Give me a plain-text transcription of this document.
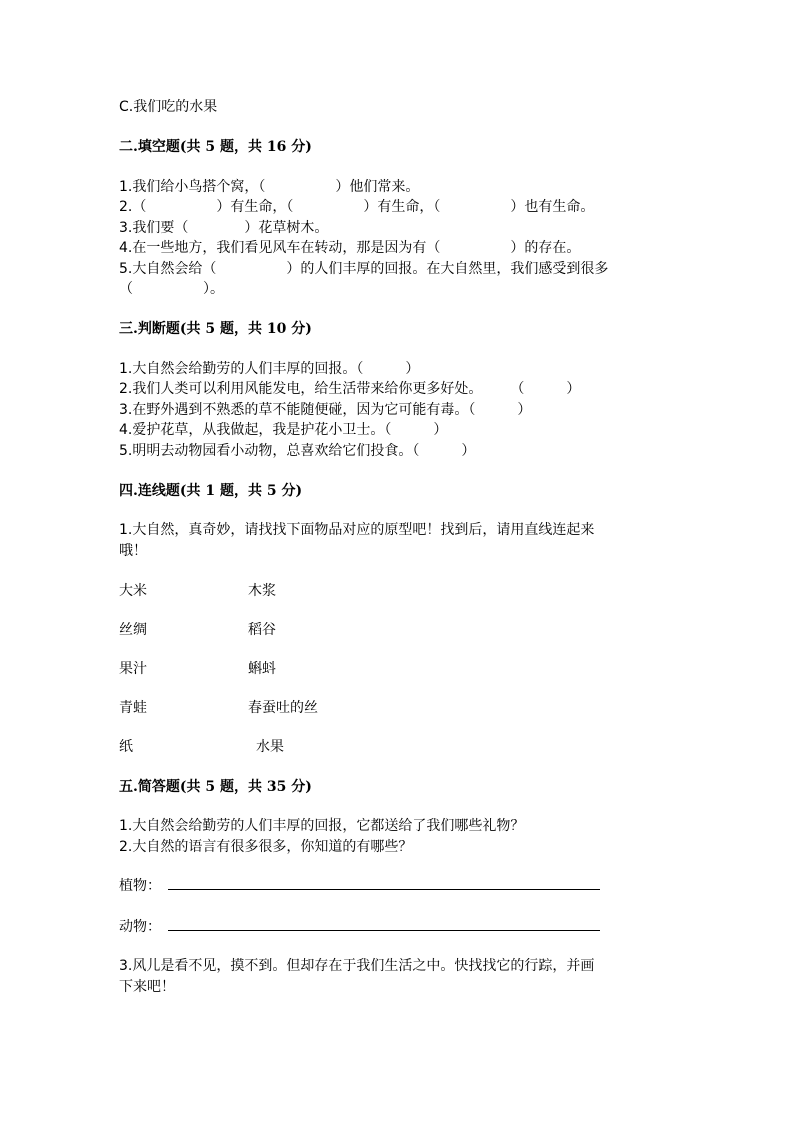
C.我们吃的水果
二.填空题(共 5 题，共 16 分)
1.我们给小鸟搭个窝，（　　　　　）他们常来。
2.（　　　　　）有生命，（　　　　　）有生命，（　　　　　）也有生命。
3.我们要（　　　　）花草树木。
4.在一些地方，我们看见风车在转动，那是因为有（　　　　　）的存在。
5.大自然会给（　　　　　）的人们丰厚的回报。在大自然里，我们感受到很多
（　　　　　）。
三.判断题(共 5 题，共 10 分)
1.大自然会给勤劳的人们丰厚的回报。（　　　）
2.我们人类可以利用风能发电，给生活带来给你更多好处。　　　（　　　）
3.在野外遇到不熟悉的草不能随便碰，因为它可能有毒。（　　　）
4.爱护花草，从我做起，我是护花小卫士。（　　　）
5.明明去动物园看小动物，总喜欢给它们投食。（　　　）
四.连线题(共 1 题，共 5 分)
1.大自然，真奇妙，请找找下面物品对应的原型吧！找到后，请用直线连起来
哦！
大米	木浆
丝绸	稻谷
果汁	蝌蚪
青蛙	春蚕吐的丝
纸	水果
五.简答题(共 5 题，共 35 分)
1.大自然会给勤劳的人们丰厚的回报，它都送给了我们哪些礼物？
2.大自然的语言有很多很多，你知道的有哪些？
植物：
动物：
3.风儿是看不见，摸不到。但却存在于我们生活之中。快找找它的行踪，并画
下来吧！
